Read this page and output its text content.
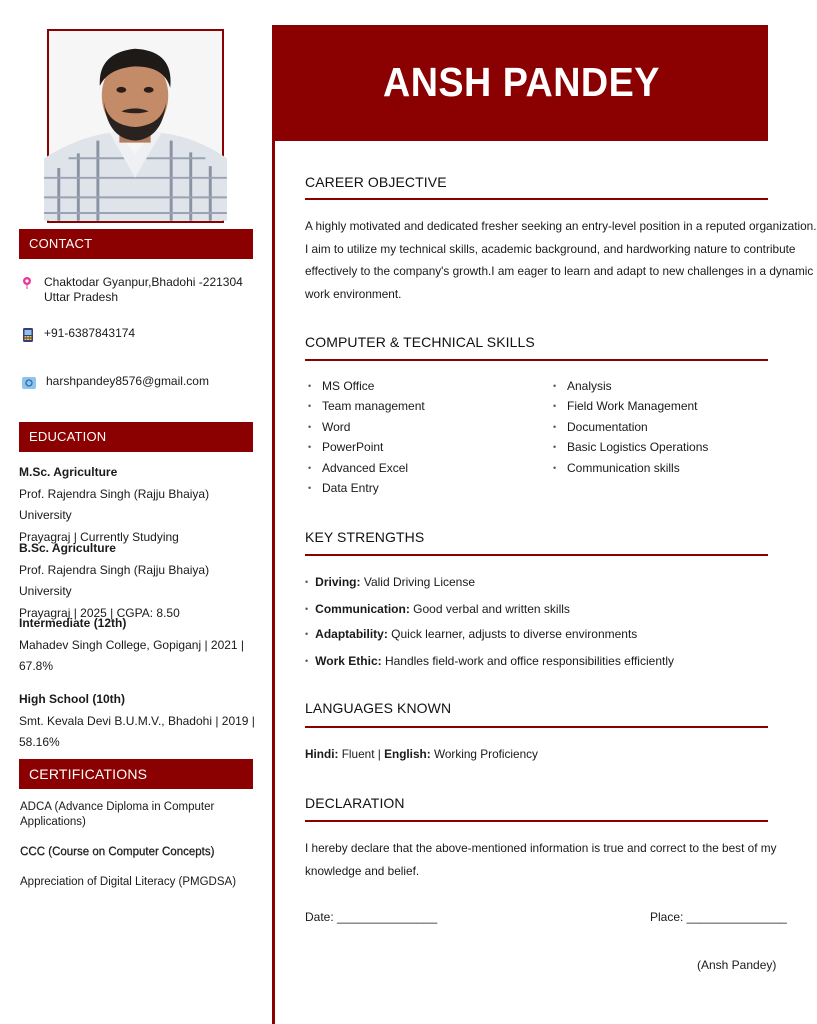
CONTACT
Chaktodar Gyanpur,Bhadohi -221304
Uttar Pradesh
+91-6387843174
harshpandey8576@gmail.com
EDUCATION
M.Sc. Agriculture
Prof. Rajendra Singh (Rajju Bhaiya) University
Prayagraj | Currently Studying
B.Sc. Agriculture
Prof. Rajendra Singh (Rajju Bhaiya) University
Prayagraj | 2025 | CGPA: 8.50
Intermediate (12th)
Mahadev Singh College, Gopiganj | 2021 |
67.8%
High School (10th)
Smt. Kevala Devi B.U.M.V., Bhadohi | 2019 |
58.16%
CERTIFICATIONS
ADCA (Advance Diploma in Computer Applications)
CCC (Course on Computer Concepts)
Appreciation of Digital Literacy (PMGDSA)
ANSH PANDEY
CAREER OBJECTIVE
A highly motivated and dedicated fresher seeking an entry-level position in a reputed organization.
I aim to utilize my technical skills, academic background, and hardworking nature to contribute
effectively to the company's growth.I am eager to learn and adapt to new challenges in a dynamic
work environment.
COMPUTER & TECHNICAL SKILLS
• MS Office
• Team management
• Word
• PowerPoint
• Advanced Excel
• Data Entry
• Analysis
• Field Work Management
• Documentation
• Basic Logistics Operations
• Communication skills
KEY STRENGTHS
• Driving: Valid Driving License
• Communication: Good verbal and written skills
• Adaptability: Quick learner, adjusts to diverse environments
• Work Ethic: Handles field-work and office responsibilities efficiently
LANGUAGES KNOWN
Hindi: Fluent | English: Working Proficiency
DECLARATION
I hereby declare that the above-mentioned information is true and correct to the best of my
knowledge and belief.
Date: _______________	Place: _______________
(Ansh Pandey)
